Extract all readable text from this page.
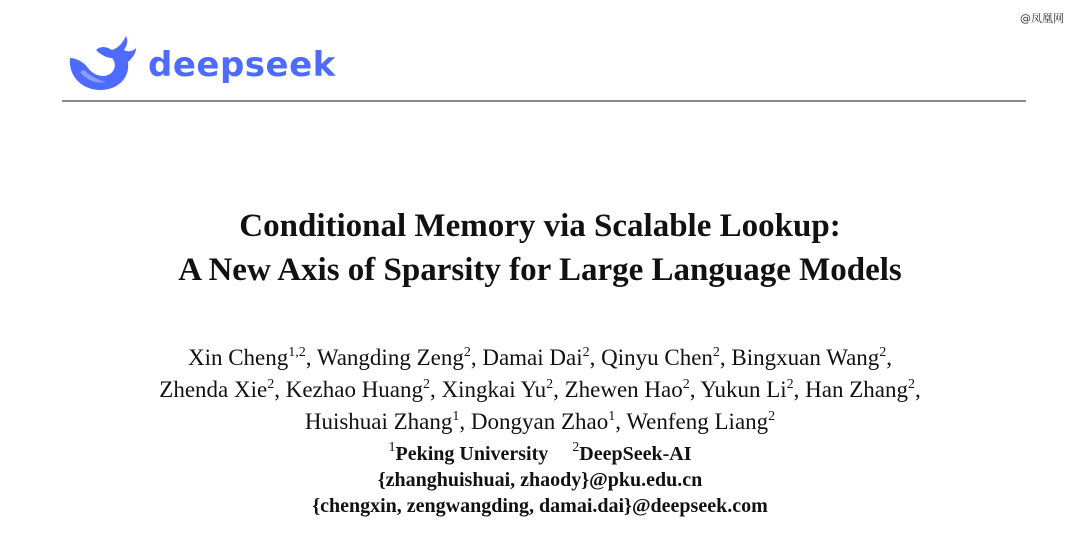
@凤凰网
deepseek
Conditional Memory via Scalable Lookup:
A New Axis of Sparsity for Large Language Models
Xin Cheng$^{1,2}$, Wangding Zeng$^2$, Damai Dai$^2$, Qinyu Chen$^2$, Bingxuan Wang$^2$,
Zhenda Xie$^2$, Kezhao Huang$^2$, Xingkai Yu$^2$, Zhewen Hao$^2$, Yukun Li$^2$, Han Zhang$^2$,
Huishuai Zhang$^1$, Dongyan Zhao$^1$, Wenfeng Liang$^2$
$^1$Peking University $^2$DeepSeek-AI
{zhanghuishuai, zhaody}@pku.edu.cn
{chengxin, zengwangding, damai.dai}@deepseek.com
